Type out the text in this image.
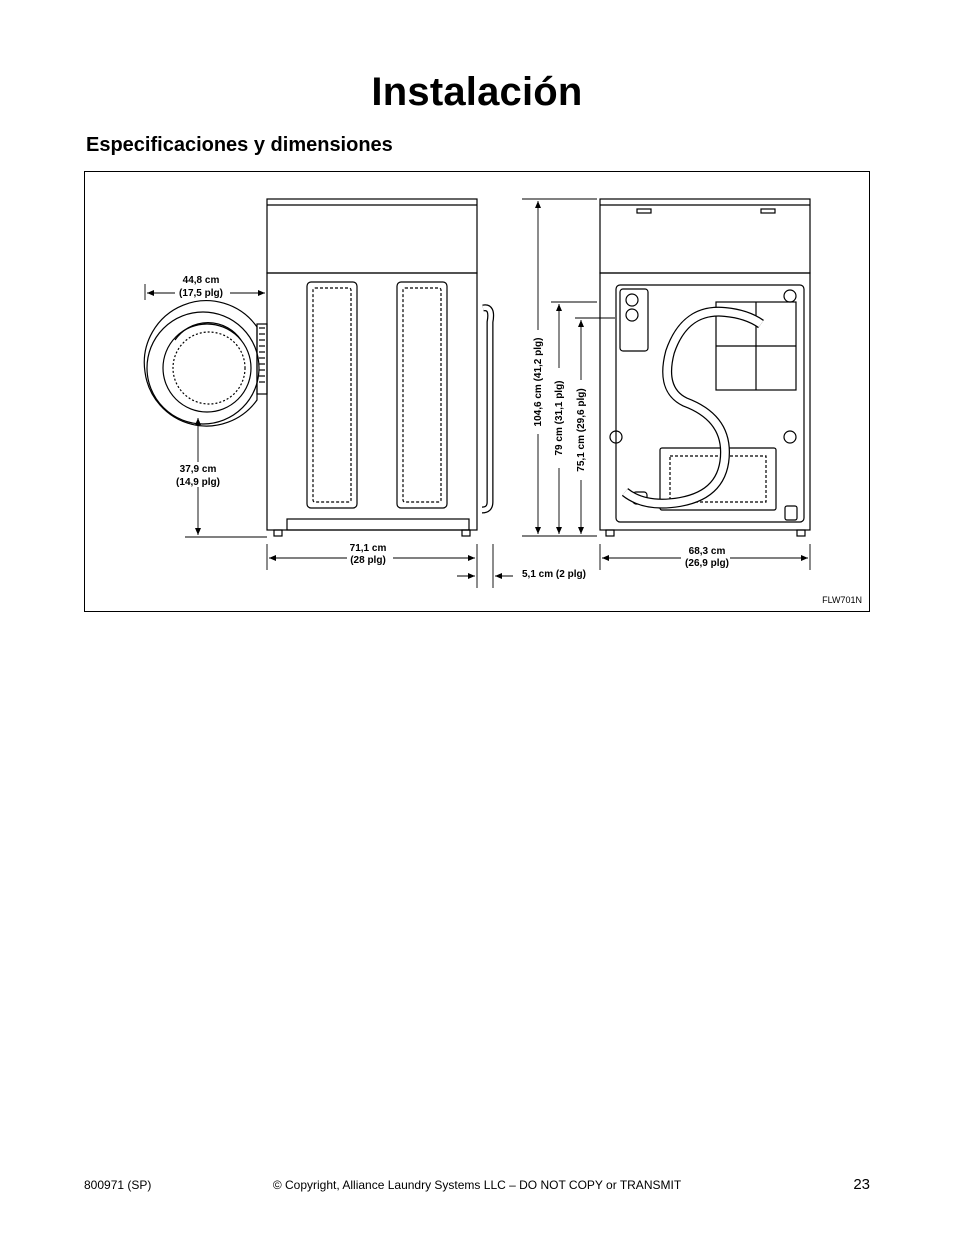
Instalación
Especificaciones y dimensiones
44,8 cm
(17,5 plg)
37,9 cm
(14,9 plg)
71,1 cm
(28 plg)
5,1 cm (2 plg)
104,6 cm (41,2 plg) 79 cm (31,1 plg) 75,1 cm (29,6 plg)
68,3 cm
(26,9 plg)
FLW701N
800971 (SP)	© Copyright, Alliance Laundry Systems LLC – DO NOT COPY or TRANSMIT	23
